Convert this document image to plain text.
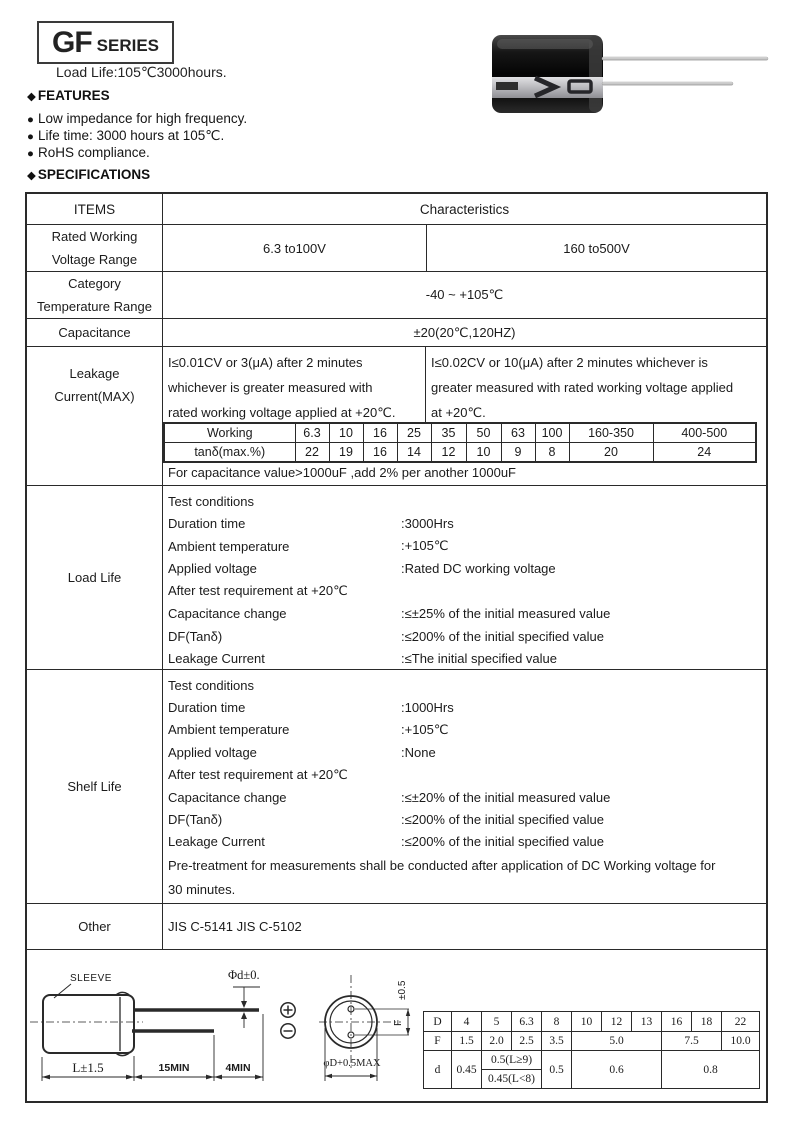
GF SERIES
Load Life:105℃3000hours.
◆ FEATURES
● Low impedance for high frequency.
● Life time: 3000 hours at 105℃.
● RoHS compliance.
◆ SPECIFICATIONS
ITEMS	Characteristics
Rated Working
Voltage Range
6.3 to100V	160 to500V
Category
Temperature Range
-40 ~ +105℃
Capacitance	±20(20℃,120HZ)
Leakage
Current(MAX)
I≤0.01CV or 3(μA) after 2 minutes
whichever is greater measured with
rated working voltage applied at +20℃.
I≤0.02CV or 10(μA) after 2 minutes whichever is
greater measured with rated working voltage applied
at +20℃.
Working	6.3	10	16	25	35	50	63	100	160-350	400-500
tanδ(max.%)	22	19	16	14	12	10	9	8	20	24
For capacitance value>1000uF ,add 2% per another 1000uF
Load Life
Test conditions
Duration time	:3000Hrs
Ambient temperature	:+105℃
Applied voltage	:Rated DC working voltage
After test requirement at +20℃
Capacitance change	:≤±25% of the initial measured value
DF(Tanδ)	:≤200% of the initial specified value
Leakage Current	:≤The initial specified value
Shelf Life
Test conditions
Duration time	:1000Hrs
Ambient temperature	:+105℃
Applied voltage	:None
After test requirement at +20℃
Capacitance change	:≤±20% of the initial measured value
DF(Tanδ)	:≤200% of the initial specified value
Leakage Current	:≤200% of the initial specified value
Pre-treatment for measurements shall be conducted after application of DC Working voltage for
30 minutes.
Other	JIS C-5141 JIS C-5102
SLEEVE	Φd±0.
L±1.5	15MIN	4MIN
F
±0.5
φD+0.5MAX
D	4	5	6.3	8	10	12	13	16	18	22
F	1.5	2.0	2.5	3.5	5.0			7.5		10.0
d	0.45	0.5(L≥9)		0.5	0.6			0.8		
		0.45(L<8)								
